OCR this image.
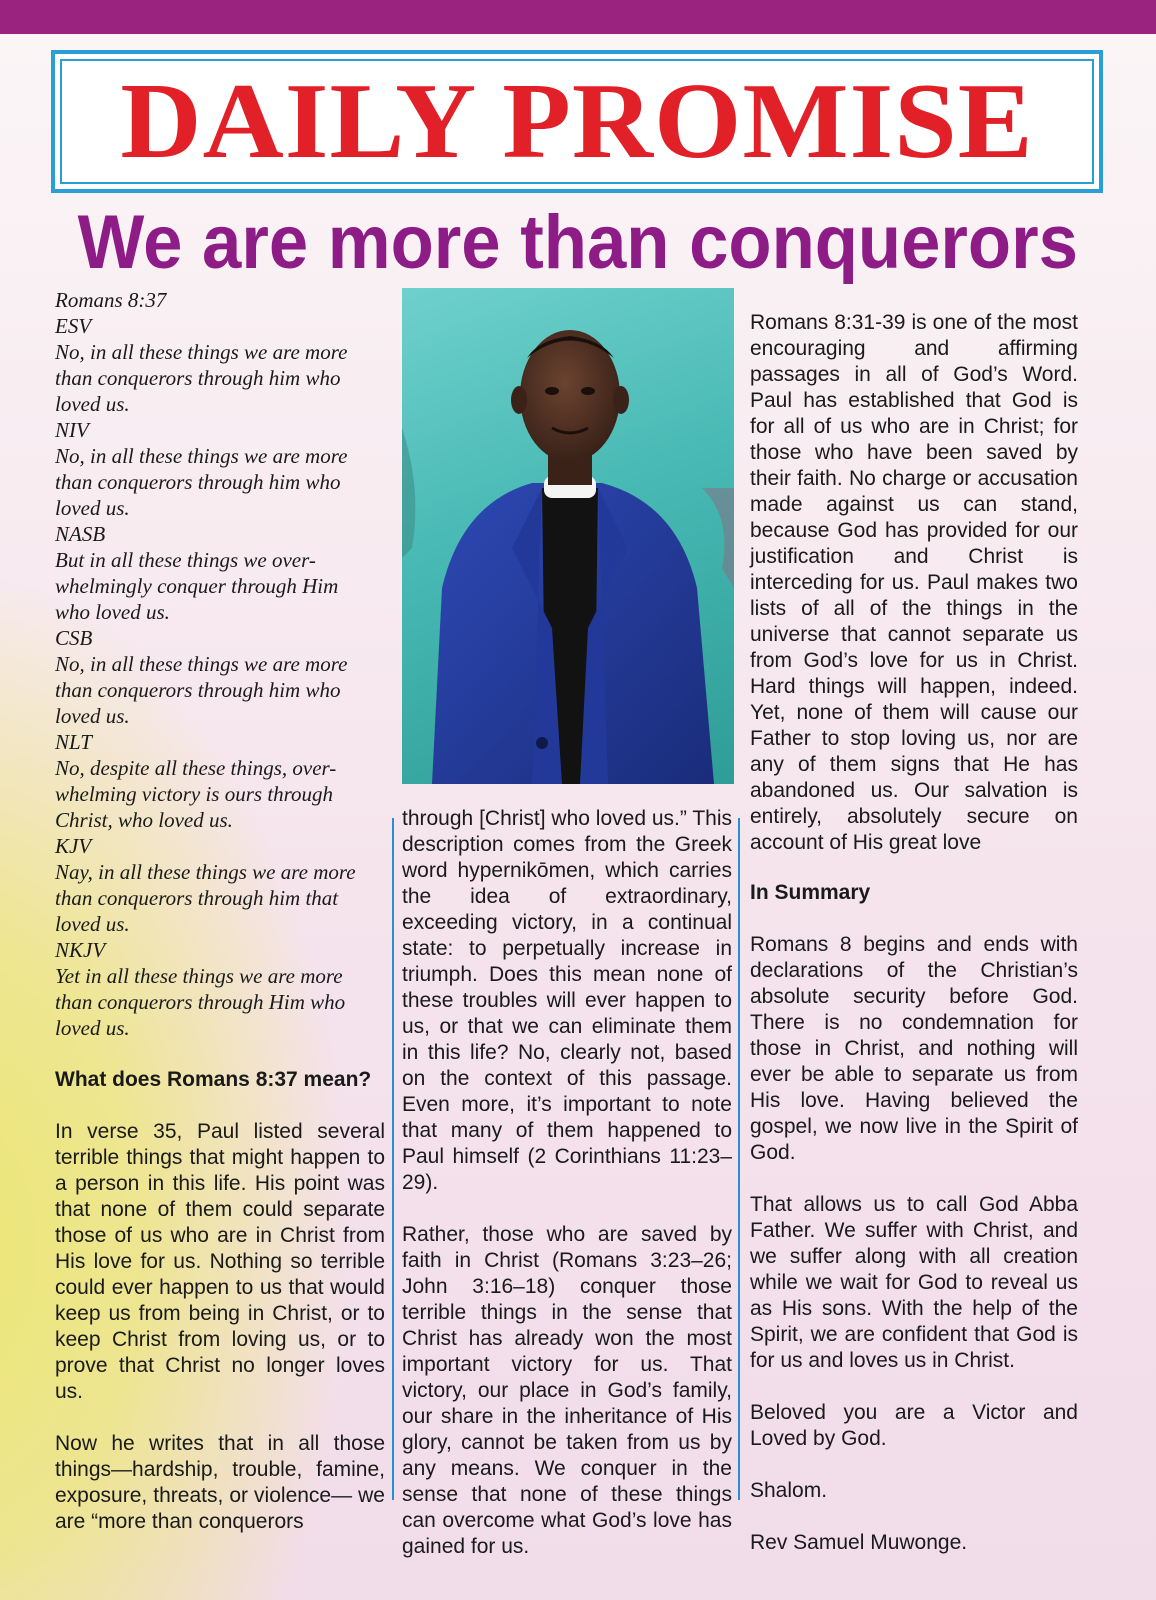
DAILY PROMISE
We are more than conquerors
Romans 8:37
ESV
No, in all these things we are more
than conquerors through him who
loved us.
NIV
No, in all these things we are more
than conquerors through him who
loved us.
NASB
But in all these things we over-
whelmingly conquer through Him
who loved us.
CSB
No, in all these things we are more
than conquerors through him who
loved us.
NLT
No, despite all these things, over-
whelming victory is ours through
Christ, who loved us.
KJV
Nay, in all these things we are more
than conquerors through him that
loved us.
NKJV
Yet in all these things we are more
than conquerors through Him who
loved us.
What does Romans 8:37 mean?

In verse 35, Paul listed several terrible things that might happen to a person in this life. His point was that none of them could separate those of us who are in Christ from His love for us. Nothing so terrible could ever happen to us that would keep us from being in Christ, or to keep Christ from loving us, or to prove that Christ no longer loves us.

Now he writes that in all those things—hardship, trouble, famine, exposure, threats, or violence— we are “more than conquerors

through [Christ] who loved us.” This description comes from the Greek word hypernikōmen, which carries the idea of extraordinary, exceeding victory, in a continual state: to perpetually increase in triumph. Does this mean none of these troubles will ever happen to us, or that we can eliminate them in this life? No, clearly not, based on the context of this passage. Even more, it’s important to note that many of them happened to Paul himself (2 Corinthians 11:23–29).

Rather, those who are saved by faith in Christ (Romans 3:23–26; John 3:16–18) conquer those terrible things in the sense that Christ has already won the most important victory for us. That victory, our place in God’s family, our share in the inheritance of His glory, cannot be taken from us by any means. We conquer in the sense that none of these things can overcome what God’s love has gained for us.

Romans 8:31-39 is one of the most encouraging and affirming passages in all of God’s Word. Paul has established that God is for all of us who are in Christ; for those who have been saved by their faith. No charge or accusation made against us can stand, because God has provided for our justification and Christ is interceding for us. Paul makes two lists of all of the things in the universe that cannot separate us from God’s love for us in Christ. Hard things will happen, indeed. Yet, none of them will cause our Father to stop loving us, nor are any of them signs that He has abandoned us. Our salvation is entirely, absolutely secure on account of His great love

In Summary

Romans 8 begins and ends with declarations of the Christian’s absolute security before God. There is no condemnation for those in Christ, and nothing will ever be able to separate us from His love. Having believed the gospel, we now live in the Spirit of God.

That allows us to call God Abba Father. We suffer with Christ, and we suffer along with all creation while we wait for God to reveal us as His sons. With the help of the Spirit, we are confident that God is for us and loves us in Christ.

Beloved you are a Victor and Loved by God.

Shalom.

Rev Samuel Muwonge.
